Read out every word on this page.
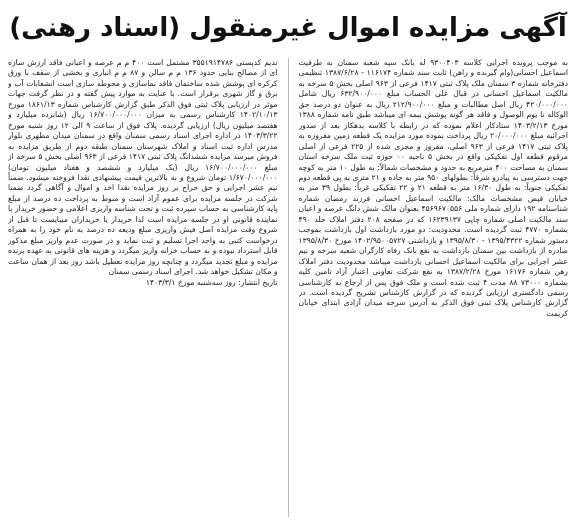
آگهی مزایده اموال غیرمنقول (اسناد رهنی)

به موجب پرونده اجرایی کلاسه ۹۳۰۰۴۰۳ له بانک سپه شعبه سمنان به طرفیت اسماعیل احسانی(وام گیرنده و راهن) ثابت سند شماره ۱۱۶۱۷۴ - ۱۳۸۷/۶/۲۸ تنظیمی دفترخانه شماره ۳ سمنان ملک پلاک ثبتی ۱۴۱۷ فرعی از ۹۶۳ اصلی بخش ۵ سرخه به مالکیت اسماعیل احسانی در قبال علی الحساب مبلغ ۶۳۲/۹۰۰/۰۰۰ ریال شامل ۴۲۰/۰۰۰/۰۰۰ ریال اصل مطالبات و مبلغ ۲۱۲/۹۰۰/۰۰۰ ریال به عنوان دو درصد حق الوکاله تا یوم الوصول و فاقد هر گونه پوشش بیمه ای میباشد طبق نامه شماره ۱۳۸۸ مورخ ۱۴۰۳/۲/۱۳ ستادکار اعلام نموده که در رابطه با کلاسه بدهکار بعد از صدور اجرائیه مبلغ ۲۰/۰۰۰/۰۰۰ ریال پرداخت نموده مورد مزایده یک قطعه زمین مفروزه به پلاک ثبتی ۱۴۱۷ فرعی از ۹۶۳ اصلی، مفروز و مجزی شده از ۲۲۵ فرعی از اصلی مرقوم قطعه اول تفکیکی واقع در بخش ۵ ناحیه ۰۰ حوزه ثبت ملک سرخه استان سمنان به مساحت ۴۰۰ مترمربع به حدود و مشخصات شمالاً: به طول ۱۰ متر به کوچه جهت دسترسی به پیادرو شرقاً: بطولهای ۹۵۰ متر به جاده و ۲۱ متری به پی قطعه دوم تفکیکی جنوباً: به طول ۱۶/۳۰ متر به قطعه ۲۱ و ۲۲ تفکیکی غرباً: بطول ۳۹ متر به خیابان فیض مشخصات مالک: مالکیت اسماعیل احسانی فرزند رمضان شماره شناسنامه ۱۹۲ دارای شماره ملی ۴۵۶۹۶۷۰۵۵۶ بعنوان مالک شش دانگ عرصه و اعیان سند مالکیت اصلی شماره چاپی ۱۶۲۳۹۱۳۷ که در صفحه ۲۰۸ دفتر املاک جلد ۴۹۰ بشماره ۴۷۷۰ ثبت گردیده است. محدودیت: دو مورد بازداشت اول بازداشت بموجب دستور شماره ۱۳۹۵/۴۳۲۲ - ۱۳۹۵/۸/۳۰ و بازداشتی ۱۴۰۲/۹۵۰۰۵۷۲۷ مورخ ۱۳۹۵/۸/۳۰ صادره از بازداشت بین سمنان بازداشت به نفع بانک رفاه کارگران شعبه سرخه و نیم عشر اجرایی برای مالکیت اسماعیل احسانی بازداشت میباشد محدودیت دفتر املاک رهن شماره ۱۶۱۷۶ مورخ ۱۳۸۷/۲/۲۸ به نفع شرکت تعاونی اعتبار آزاد تامین کلیه بشماره ۷۳۰۰۰ ۸۸ مدت ۴ ثبت شده است و ملک فوق پس از ارجاع به کارشناسی رسمی دادگستری ارزیابی گردیده که در گزارش کارشناس تشریح گردیده است. در گزارش کارشناس پلاک ثبتی فوق الذکر به آدرس سرخه میدان آزادی ابتدای خیابان کریمت

ندیم کدپستی ۳۵۵۱۹۱۴۷۸۶ مشتمل است ۴۰۰ م م عرصه و اعیانی فاقد ارزش سازه ای از مصالح بنایی حدود ۱۳۶ م م سالن و ۸۷ م م انباری و بخشی از سقف با ورق کرکره ای پوشش شده ساختمان فاقد نماسازی و محوطه سازی است انشعابات آب و برق و گاز شهری برقرار است. با عنایت به موارد پیش گفته و در نظر گرفت جهات موثر در ارزیابی پلاک ثبتی فوق الذکر طبق گزارش کارشناس شماره ۱۸۶۱/۱۳ مورخ ۱۴۰۲/۱۰/۱۳ کارشناس رسمی به میزان ۱۶/۷۰۰/۰۰۰/۰۰۰ ریال (شانزده میلیارد و هفتصد میلیون ریال) ارزیابی گردیده. پلاک فوق از ساعت ۹ الی ۱۲ روز شنبه مورخ ۱۴۰۳/۳/۲۲ در اداره اجرای اسناد رسمی سمنان واقع در سمنان میدان مطهری بلوار مدرس اداره ثبت اسناد و املاک شهرستان سمنان طبقه دوم از طریق مزایده به فروش میرسد مزایده ششدانگ پلاک ثبتی ۱۴۱۷ فرعی از ۹۶۳ اصلی بخش ۵ سرخه از مبلغ ۱۶/۷۰۰/۰۰۰/۰۰۰ ریال (یک میلیارد و ششصد و هفتاد میلیون تومان) ۱/۶۷۰/۰۰۰/۰۰۰ تومان شروع و به بالاترین قیمت پیشنهادی نقدا فروخته میشود. ضمناً نیم عشر اجرایی و حق حراج بر روز مزایده نقدا اخذ و اموال و آگاهی گردد ضمنا شرکت در جلسه مزایده برای عموم آزاد است و منوط به پرداخت ده درصد از مبلغ پایه کارشناسی به حساب سپرده ثبت و تحت شناسه واریزی اعلامی و حضور خریدار یا نماینده قانونی او در جلسه مزایده است لذا خریدار یا خریداران میبایست تا قبل از شروع وقت مزایده اصل فیش واریزی مبلغ ودیعه ده درصد به نام خود را به همراه درخواست کتبی به واحد اجرا تسلیم و ثبت نماید و در صورت عدم واریز مبلغ مذکور قابل استرداد نبوده و به حساب خزانه واریز میگردد و هزینه های قانونی به عهده برنده مزایده و مبلغ تجدید میگردد و چنانچه روز مزایده تعطیل باشد روز بعد از همان ساعت و مکان تشکیل خواهد شد. اجرای اسناد رسمی سمنان

تاریخ انتشار: روز سه‌شنبه مورخ ۱۴۰۳/۳/۱
